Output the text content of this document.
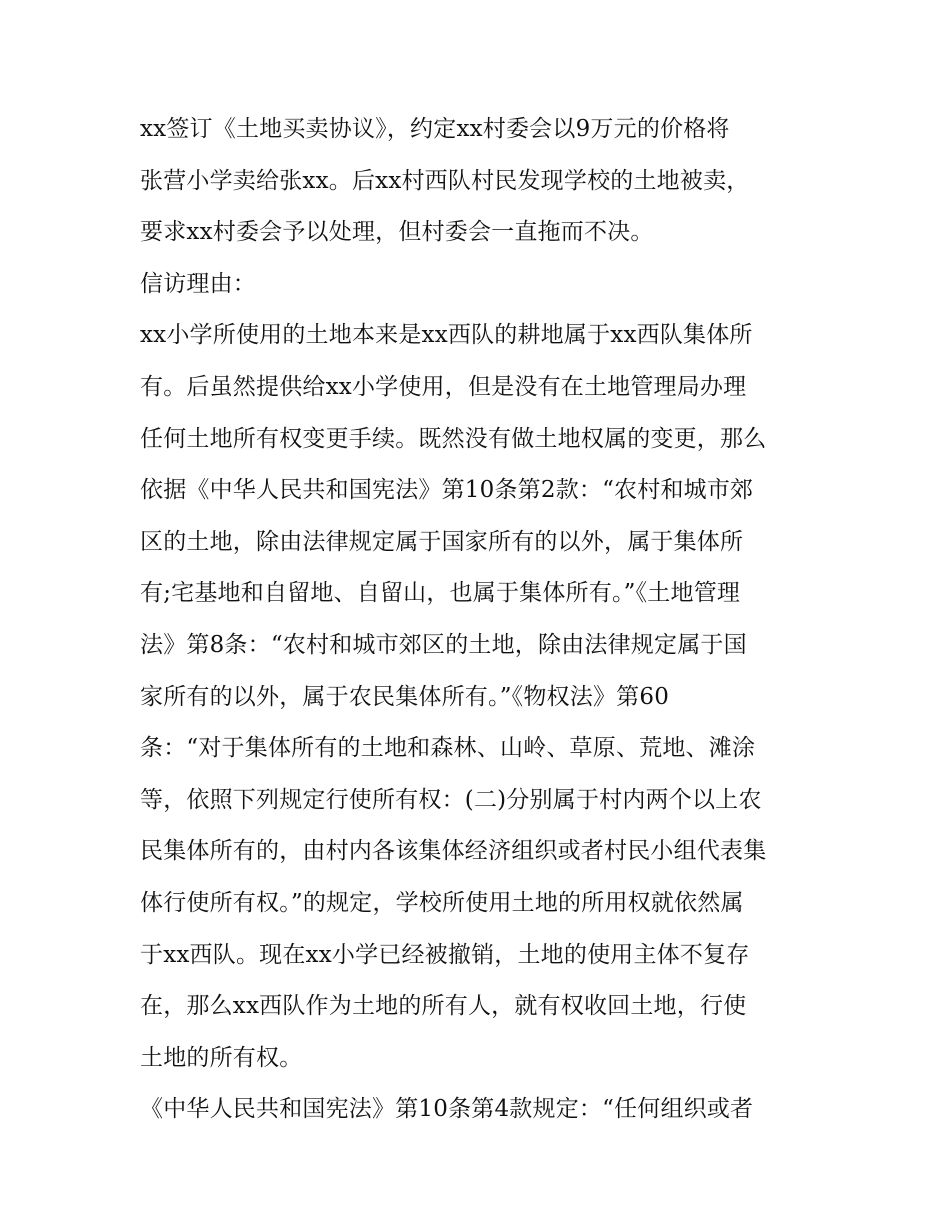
xx签订《土地买卖协议》，约定xx村委会以9万元的价格将
张营小学卖给张xx。后xx村西队村民发现学校的土地被卖，
要求xx村委会予以处理，但村委会一直拖而不决。
信访理由：
xx小学所使用的土地本来是xx西队的耕地属于xx西队集体所
有。后虽然提供给xx小学使用，但是没有在土地管理局办理
任何土地所有权变更手续。既然没有做土地权属的变更，那么
依据《中华人民共和国宪法》第10条第2款：“农村和城市郊
区的土地，除由法律规定属于国家所有的以外，属于集体所
有;宅基地和自留地、自留山，也属于集体所有。”《土地管理
法》第8条：“农村和城市郊区的土地，除由法律规定属于国
家所有的以外，属于农民集体所有。”《物权法》第60
条：“对于集体所有的土地和森林、山岭、草原、荒地、滩涂
等，依照下列规定行使所有权：(二)分别属于村内两个以上农
民集体所有的，由村内各该集体经济组织或者村民小组代表集
体行使所有权。”的规定，学校所使用土地的所用权就依然属
于xx西队。现在xx小学已经被撤销，土地的使用主体不复存
在，那么xx西队作为土地的所有人，就有权收回土地，行使
土地的所有权。
《中华人民共和国宪法》第10条第4款规定：“任何组织或者
